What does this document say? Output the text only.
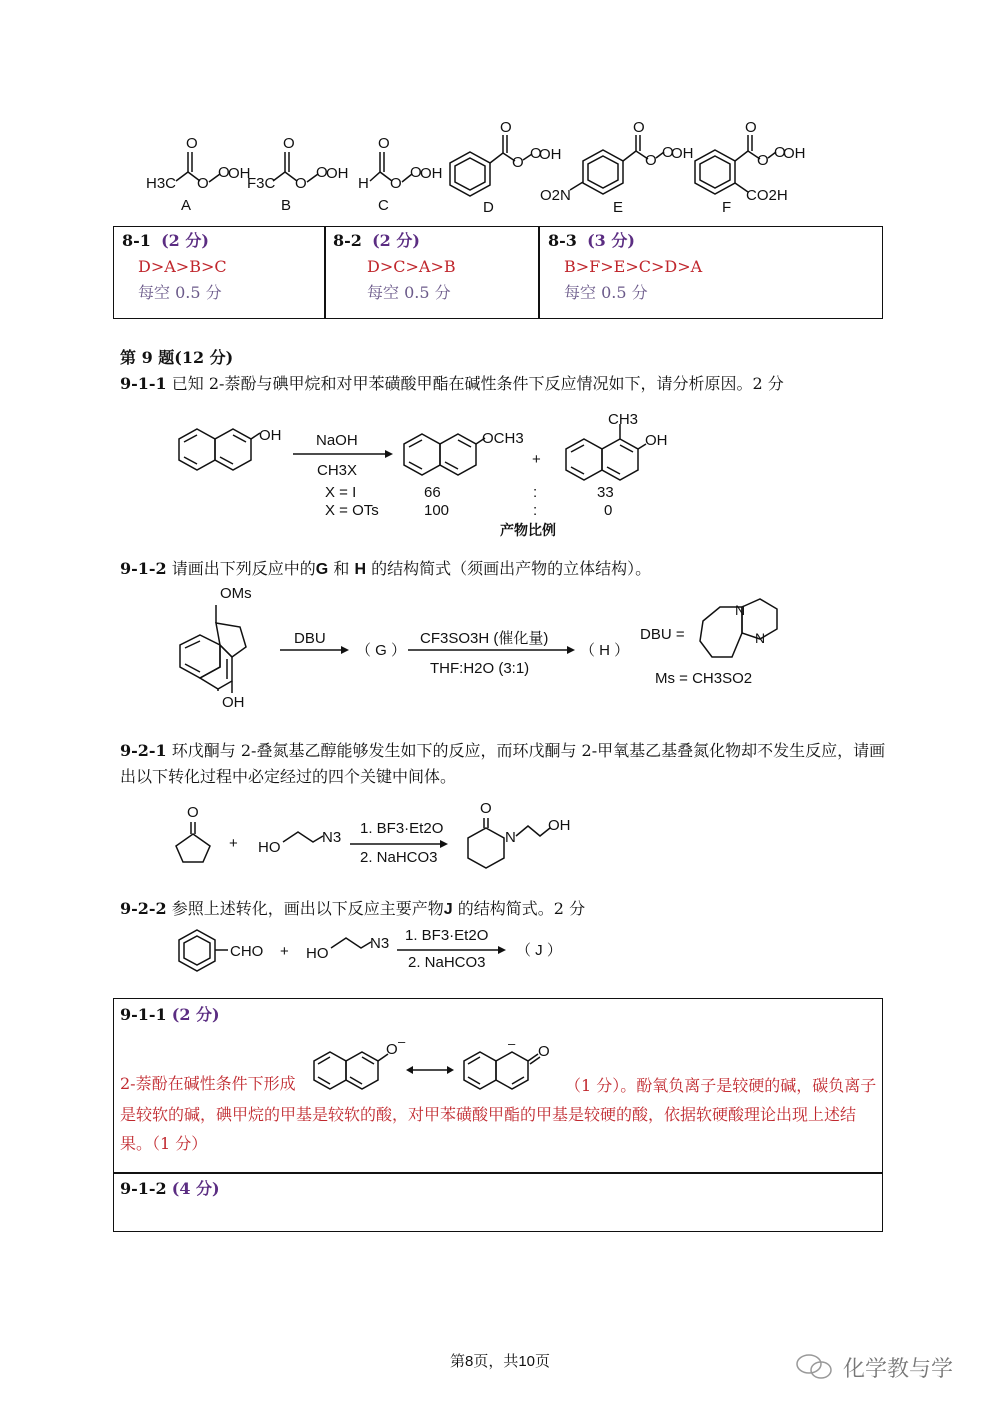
H3C
O
O
O
OH
A
F3C
O
O
O
OH
B
H
O
O
O
OH
C
O
O
O
OH
D
O2N
O
O O
OH
E
O
O O
OH
CO2H
F
8-1 (2 分)
D>A>B>C
每空 0.5 分
8-2 (2 分)
D>C>A>B
每空 0.5 分
8-3 (3 分)
B>F>E>C>D>A
每空 0.5 分
第 9 题(12 分)
9-1-1 已知 2-萘酚与碘甲烷和对甲苯磺酸甲酯在碱性条件下反应情况如下，请分析原因。2 分
OH NaOH
CH3X
OCH3
+
CH3
OH
X = I	66	:	33
X = OTs	100	:	0
产物比例
9-1-2 请画出下列反应中的G 和 H 的结构简式（须画出产物的立体结构）。
OMs
OH
DBU
（ G ）
CF3SO3H (催化量)
THF:H2O (3:1)
（ H ）
DBU =
N
N
Ms = CH3SO2
9-2-1 环戊酮与 2-叠氮基乙醇能够发生如下的反应，而环戊酮与 2-甲氧基乙基叠氮化物却不发生反应，请画出以下转化过程中必定经过的四个关键中间体。
O
+ HO
N3
1. BF3·Et2O
2. NaHCO3
O
N
OH
9-2-2 参照上述转化，画出以下反应主要产物J 的结构简式。2 分
CHO + HO
N3 1. BF3·Et2O
2. NaHCO3
（ J ）
9-1-1 (2 分)
O –
O
–
2-萘酚在碱性条件下形成	（1 分）。酚氧负离子是较硬的碱，碳负离子是较软的碱，碘甲烷的甲基是较软的酸，对甲苯磺酸甲酯的甲基是较硬的酸，依据软硬酸理论出现上述结果。（1 分）
9-1-2 (4 分)
第8页，共10页	化学教与学
